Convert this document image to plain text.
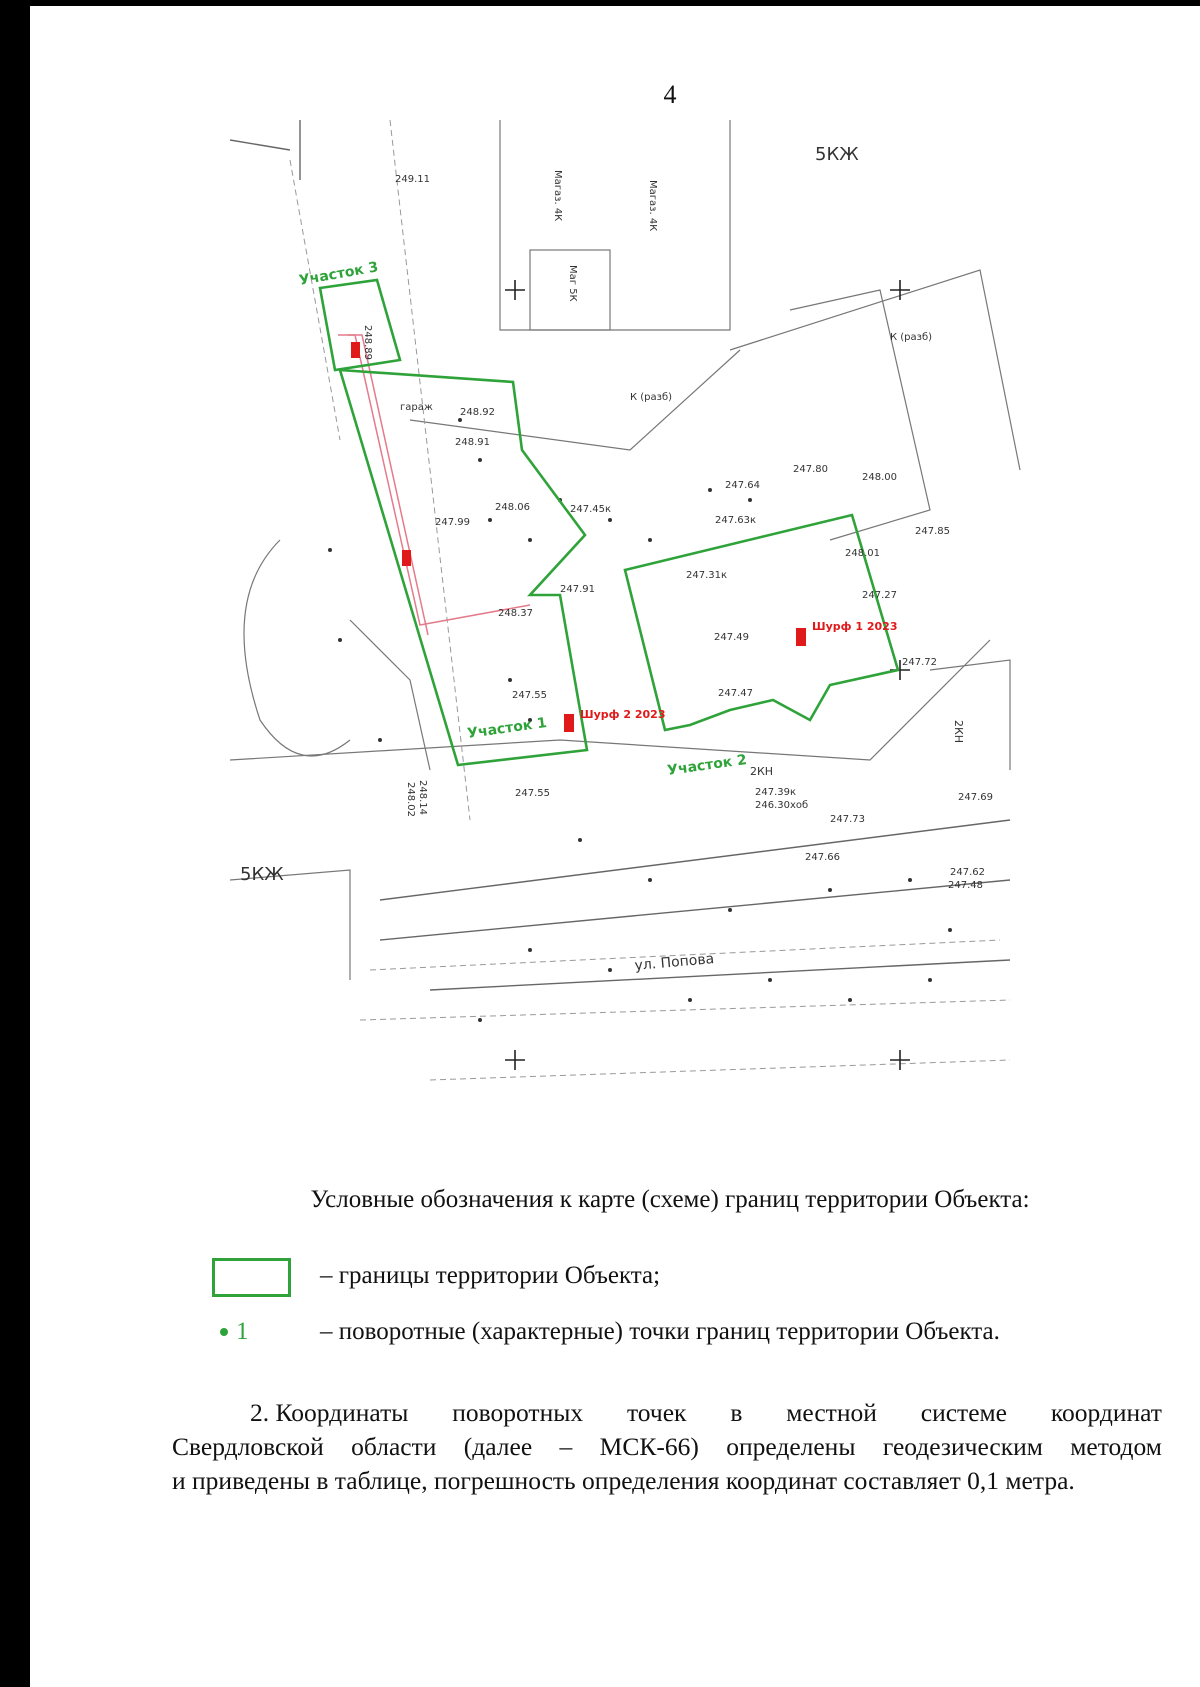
4
Участок 3
Участок 1
Участок 2
Шурф 2 2023
Шурф 1 2023
ул. Попова
5КЖ
5КЖ
2КН
2КН
К (разб)
К (разб)
гараж
Магаз. 4К	Магаз. 4К
Маг 5К
249.11
248.92
248.91
248.06
247.99
247.91
247.64
247.63к
247.55
247.55
247.45к
247.31к
247.49
247.47
247.39к
246.30хоб
247.73
247.66
247.62
247.48
248.00
247.85
247.80
247.72
247.69
248.01
247.27
248.37
248.89
248.14
248.02
Условные обозначения к карте (схеме) границ территории Объекта:
– границы территории Объекта;
1	– поворотные (характерные) точки границ территории Объекта.
2. Координаты поворотных точек в местной системе координат
Свердловской области (далее – МСК-66) определены геодезическим методом
и приведены в таблице, погрешность определения координат составляет 0,1 метра.
